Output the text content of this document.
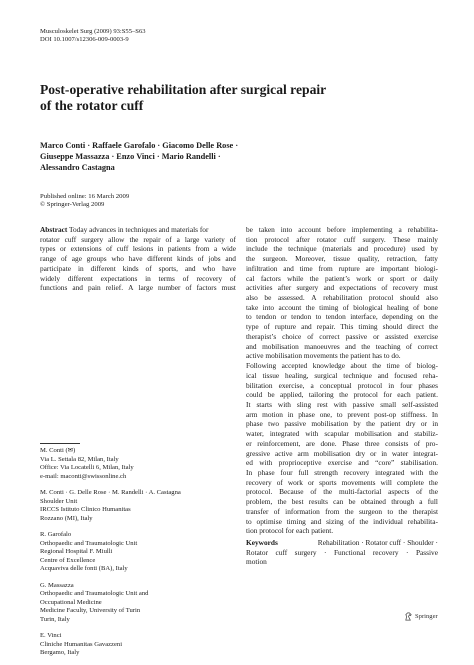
Musculoskelet Surg (2009) 93:S55–S63
DOI 10.1007/s12306-009-0003-9
Post-operative rehabilitation after surgical repair
of the rotator cuff
Marco Conti · Raffaele Garofalo · Giacomo Delle Rose ·
Giuseppe Massazza · Enzo Vinci · Mario Randelli ·
Alessandro Castagna
Published online: 16 March 2009
© Springer-Verlag 2009
Abstract Today advances in techniques and materials for
rotator cuff surgery allow the repair of a large variety of
types or extensions of cuff lesions in patients from a wide
range of age groups who have different kinds of jobs and
participate in different kinds of sports, and who have
widely different expectations in terms of recovery of
functions and pain relief. A large number of factors must
be taken into account before implementing a rehabilita-
tion protocol after rotator cuff surgery. These mainly
include the technique (materials and procedure) used by
the surgeon. Moreover, tissue quality, retraction, fatty
infiltration and time from rupture are important biologi-
cal factors while the patient’s work or sport or daily
activities after surgery and expectations of recovery must
also be assessed. A rehabilitation protocol should also
take into account the timing of biological healing of bone
to tendon or tendon to tendon interface, depending on the
type of rupture and repair. This timing should direct the
therapist’s choice of correct passive or assisted exercise
and mobilisation manoeuvres and the teaching of correct
active mobilisation movements the patient has to do.
Following accepted knowledge about the time of biolog-
ical tissue healing, surgical technique and focused reha-
bilitation exercise, a conceptual protocol in four phases
could be applied, tailoring the protocol for each patient.
It starts with sling rest with passive small self-assisted
arm motion in phase one, to prevent post-op stiffness. In
phase two passive mobilisation by the patient dry or in
water, integrated with scapular mobilisation and stabiliz-
er reinforcement, are done. Phase three consists of pro-
gressive active arm mobilisation dry or in water integrat-
ed with proprioceptive exercise and “core” stabilisation.
In phase four full strength recovery integrated with the
recovery of work or sports movements will complete the
protocol. Because of the multi-factorial aspects of the
problem, the best results can be obtained through a full
transfer of information from the surgeon to the therapist
to optimise timing and sizing of the individual rehabilita-
tion protocol for each patient.
M. Conti (✉)
Via L. Settala 82, Milan, Italy
Office: Via Locatelli 6, Milan, Italy
e-mail: maconti@swissonline.ch
M. Conti · G. Delle Rose · M. Randelli · A. Castagna
Shoulder Unit
IRCCS Istituto Clinico Humanitas
Rozzano (MI), Italy
R. Garofalo
Orthopaedic and Traumatologic Unit
Regional Hospital F. Miulli
Centre of Excellence
Acquaviva delle fonti (BA), Italy
G. Massazza
Orthopaedic and Traumatologic Unit and
Occupational Medicine
Medicine Faculty, University of Turin
Turin, Italy
E. Vinci
Cliniche Humanitas Gavazzeni
Bergamo, Italy
Keywords	Rehabilitation · Rotator cuff · Shoulder ·
Rotator cuff surgery · Functional recovery · Passive
motion
Springer
